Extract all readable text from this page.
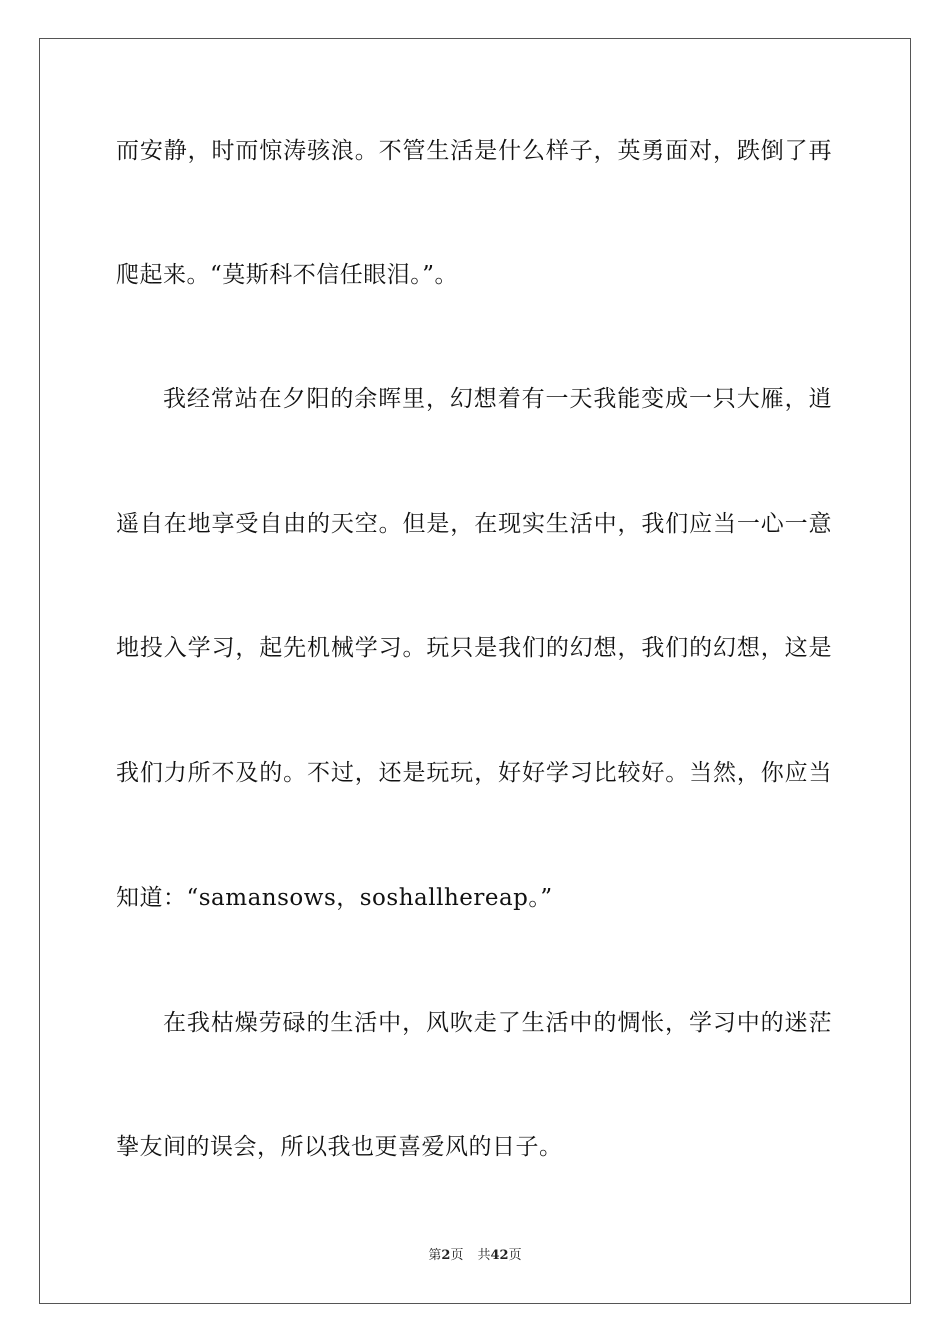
而安静，时而惊涛骇浪。不管生活是什么样子，英勇面对，跌倒了再
爬起来。“莫斯科不信任眼泪。”。
我经常站在夕阳的余晖里，幻想着有一天我能变成一只大雁，逍
遥自在地享受自由的天空。但是，在现实生活中，我们应当一心一意
地投入学习，起先机械学习。玩只是我们的幻想，我们的幻想，这是
我们力所不及的。不过，还是玩玩，好好学习比较好。当然，你应当
知道：“samansows，soshallhereap。”
在我枯燥劳碌的生活中，风吹走了生活中的惆怅，学习中的迷茫
挚友间的误会，所以我也更喜爱风的日子。
第2页 共42页
